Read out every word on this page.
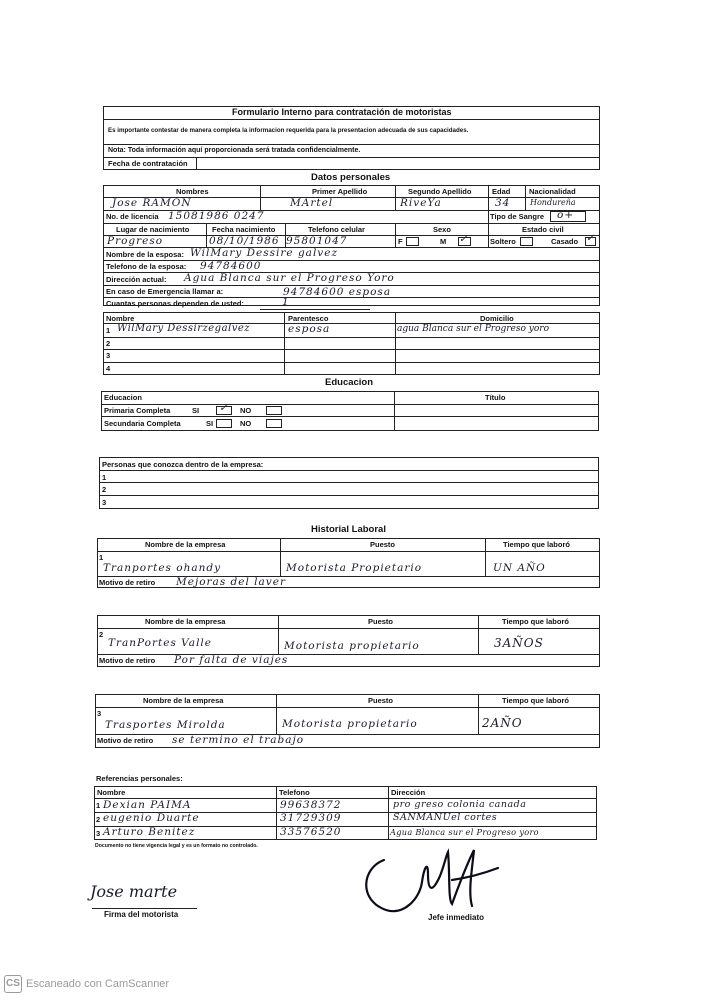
Formulario Interno para contratación de motoristas
Es importante contestar de manera completa la informacion requerida para la presentacion adecuada de sus capacidades.
Nota: Toda información aquí proporcionada será tratada confidencialmente.
Fecha de contratación
Datos personales
Nombres	Primer Apellido	Segundo Apellido	Edad Nacionalidad
Jose RAMON	MArtel	RiveYa	34 Hondureña
No. de licencia 15081986 0247	Tipo de Sangre o+
Lugar de nacimiento	Fecha nacimiento	Telefono celular	Sexo	Estado civil
Progreso	08/10/1986 95801047	F	M ✓	Soltero	Casado ✓
Nombre de la esposa: WilMary Dessire galvez
Telefono de la esposa: 94784600
Dirección actual: Agua Blanca sur el Progreso Yoro
En caso de Emergencia llamar a:	94784600 esposa
Cuantas personas dependen de usted:	1
Nombre	Parentesco	Domicilio
1 WilMary Dessirzegalvez	esposa	agua Blanca sur el Progreso yoro
2
3
4
Educacion
Educacion	Título
Primaria Completa	SI ✓ NO
Secundaria Completa	SI	NO
Personas que conozca dentro de la empresa:
1
2
3
Historial Laboral
Nombre de la empresa	Puesto	Tiempo que laboró
1
Tranportes ohandy	Motorista Propietario	UN AÑO
Motivo de retiro Mejoras del laver
Nombre de la empresa	Puesto	Tiempo que laboró
2
TranPortes Valle	Motorista propietario	3AÑOS
Motivo de retiro Por falta de viajes
Nombre de la empresa	Puesto	Tiempo que laboró
3
Trasportes Mirolda	Motorista propietario	2AÑO
Motivo de retiro se termino el trabajo
Referencias personales:
Nombre	Telefono	Dirección
1 Dexian PAIMA	99638372	pro greso colonia canada
2 eugenio Duarte	31729309	SANMANUel cortes
3 Arturo Benitez	33576520	Agua Blanca sur el Progreso yoro
Documento no tiene vigencia legal y es un formato no controlado.
Jose marte
Firma del motorista	Jefe inmediato
CS Escaneado con CamScanner
